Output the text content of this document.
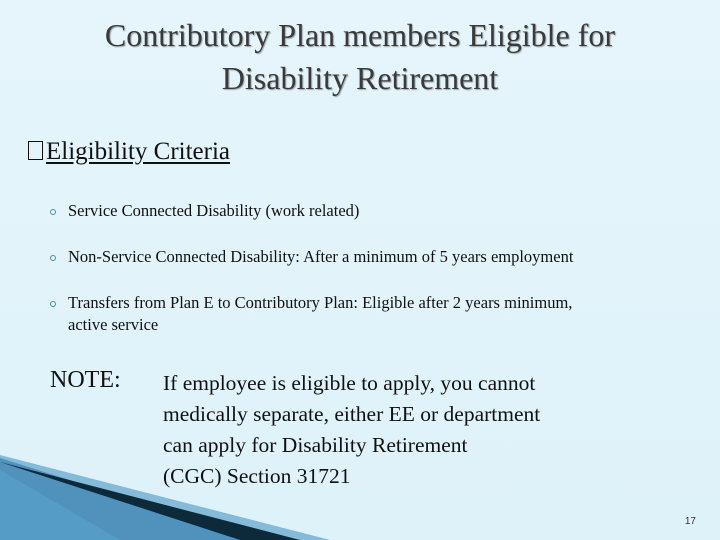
Contributory Plan members Eligible for
Disability Retirement
Eligibility Criteria
Service Connected Disability (work related)
Non-Service Connected Disability: After a minimum of 5 years employment
Transfers from Plan E to Contributory Plan: Eligible after 2 years minimum,
active service
NOTE: If employee is eligible to apply, you cannot
medically separate, either EE or department
can apply for Disability Retirement
(CGC) Section 31721
17
